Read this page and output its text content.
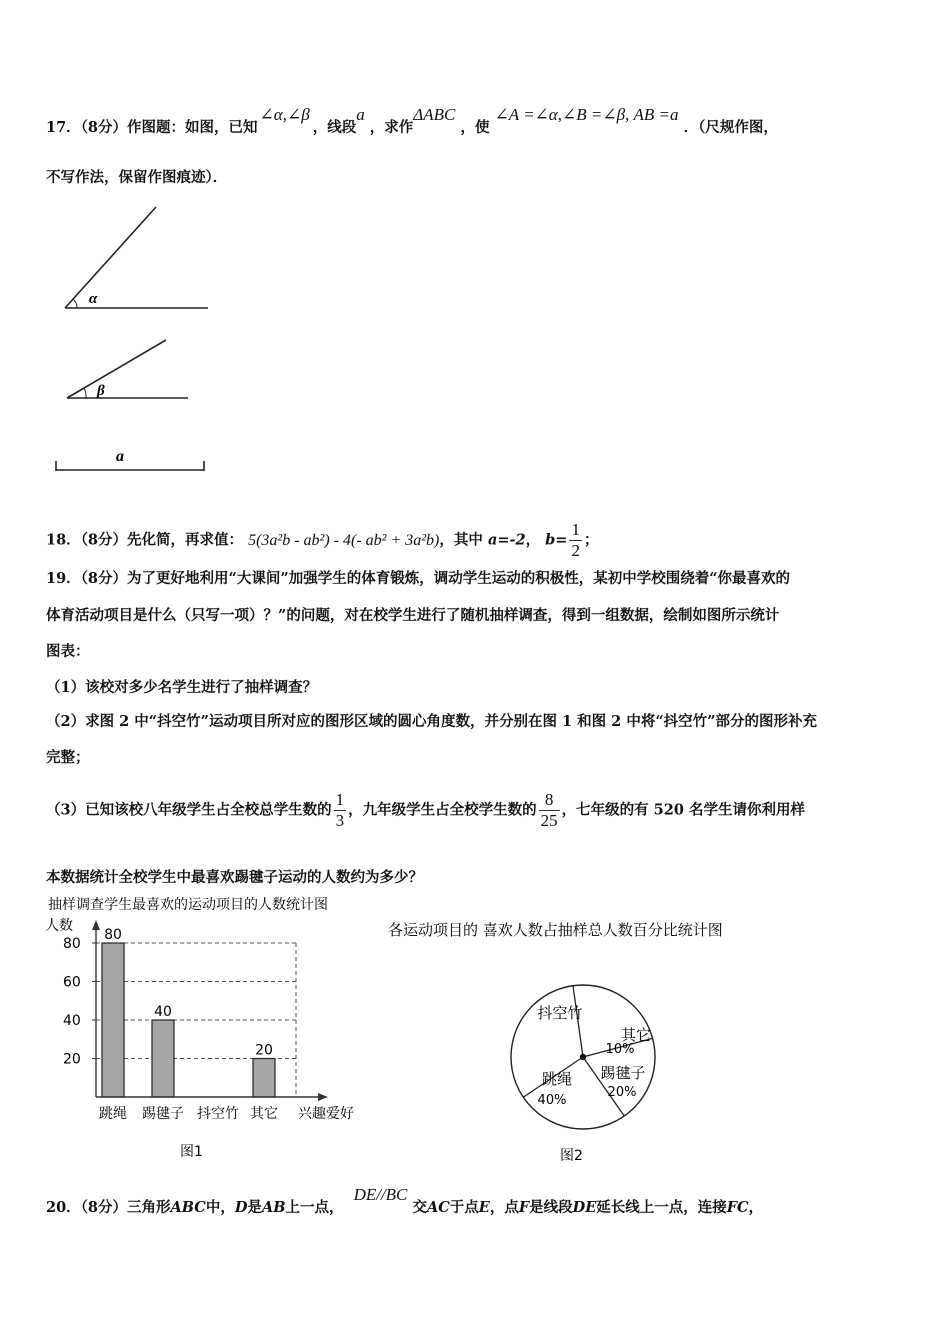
17．（8分）作图题：如图，已知∠α,∠β ，线段a ，求作ΔABC ，使 ∠A =∠α,∠B =∠β, AB =a ．（尺规作图，
不写作法，保留作图痕迹）．
α
β
a
18．（8分）先化简，再求值： 5(3a²b - ab²) - 4(- ab² + 3a²b)，其中 a=-2， $b= \frac{1}{2}$ ；
19．（8分）为了更好地利用“大课间”加强学生的体育锻炼，调动学生运动的积极性，某初中学校围绕着“你最喜欢的
体育活动项目是什么（只写一项）？”的问题，对在校学生进行了随机抽样调查，得到一组数据，绘制如图所示统计
图表：
（1）该校对多少名学生进行了抽样调查？
（2）求图 2 中“抖空竹”运动项目所对应的图形区域的圆心角度数，并分别在图 1 和图 2 中将“抖空竹”部分的图形补充
完整；
（3）已知该校八年级学生占全校总学生数的 $\frac{1}{3}$ ，九年级学生占全校学生数的 $\frac{8}{25}$ ，七年级的有 520 名学生请你利用样
本数据统计全校学生中最喜欢踢毽子运动的人数约为多少？
抽样调查学生最喜欢的运动项目的人数统计图
人数
20
40
60
80
80
跳绳
40
踢毽子 抖空竹
20
其它 兴趣爱好
图1
各运动项目的 喜欢人数占抽样总人数百分比统计图
抖空竹
其它
10%
踢毽子
20%
跳绳
40%
图2
20．（8分）三角形ABC中，D是AB上一点，  DE//BC 交AC于点E，点F是线段DE延长线上一点，连接FC，
